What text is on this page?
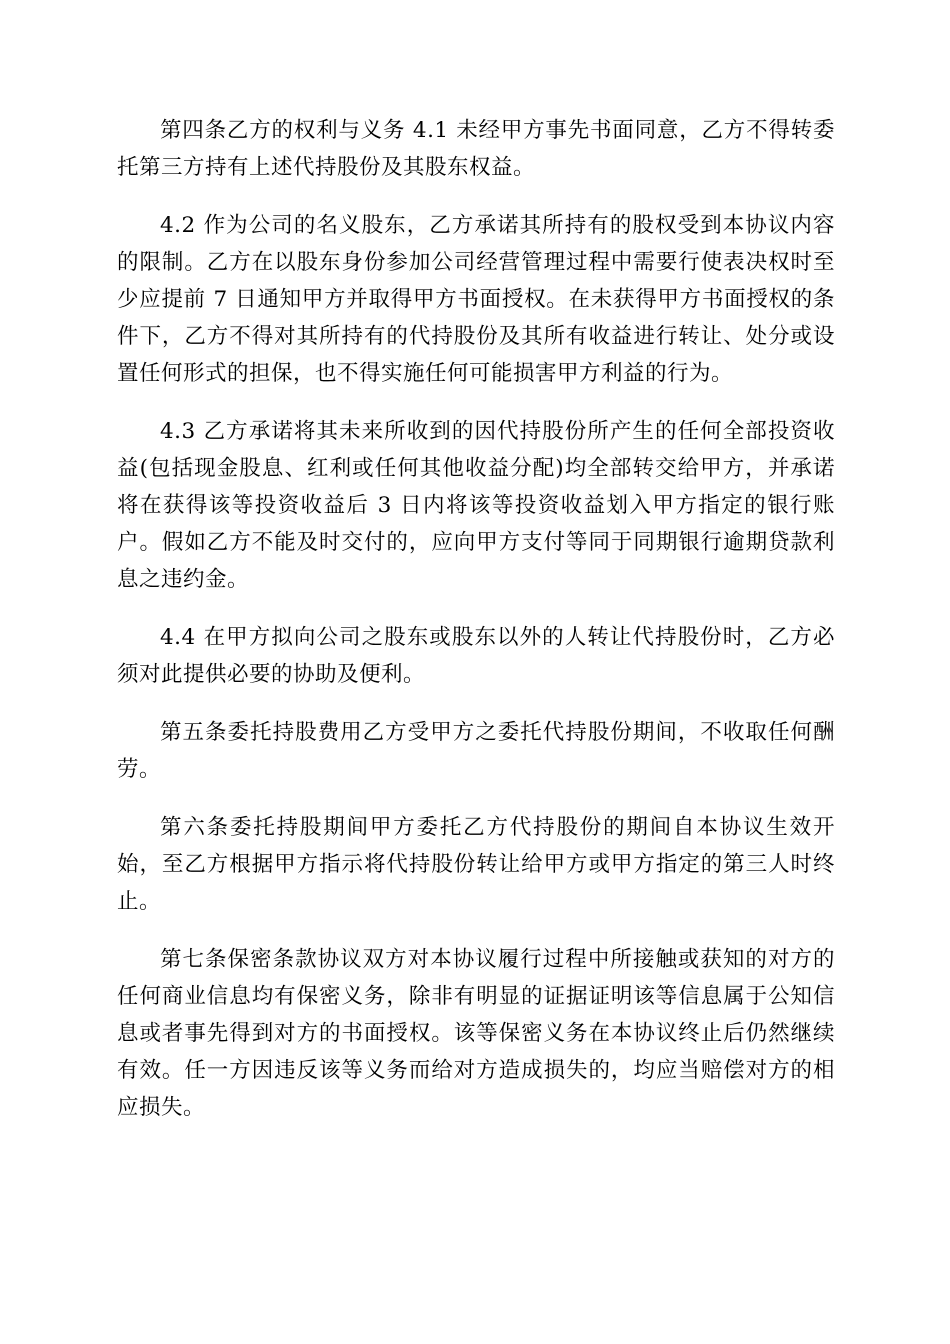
第四条乙方的权利与义务 4.1 未经甲方事先书面同意，乙方不得转委托第三方持有上述代持股份及其股东权益。

4.2 作为公司的名义股东，乙方承诺其所持有的股权受到本协议内容的限制。乙方在以股东身份参加公司经营管理过程中需要行使表决权时至少应提前 7 日通知甲方并取得甲方书面授权。在未获得甲方书面授权的条件下，乙方不得对其所持有的代持股份及其所有收益进行转让、处分或设置任何形式的担保，也不得实施任何可能损害甲方利益的行为。

4.3 乙方承诺将其未来所收到的因代持股份所产生的任何全部投资收益(包括现金股息、红利或任何其他收益分配)均全部转交给甲方，并承诺将在获得该等投资收益后 3 日内将该等投资收益划入甲方指定的银行账户。假如乙方不能及时交付的，应向甲方支付等同于同期银行逾期贷款利息之违约金。

4.4 在甲方拟向公司之股东或股东以外的人转让代持股份时，乙方必须对此提供必要的协助及便利。

第五条委托持股费用乙方受甲方之委托代持股份期间，不收取任何酬劳。

第六条委托持股期间甲方委托乙方代持股份的期间自本协议生效开始，至乙方根据甲方指示将代持股份转让给甲方或甲方指定的第三人时终止。

第七条保密条款协议双方对本协议履行过程中所接触或获知的对方的任何商业信息均有保密义务，除非有明显的证据证明该等信息属于公知信息或者事先得到对方的书面授权。该等保密义务在本协议终止后仍然继续有效。任一方因违反该等义务而给对方造成损失的，均应当赔偿对方的相应损失。
